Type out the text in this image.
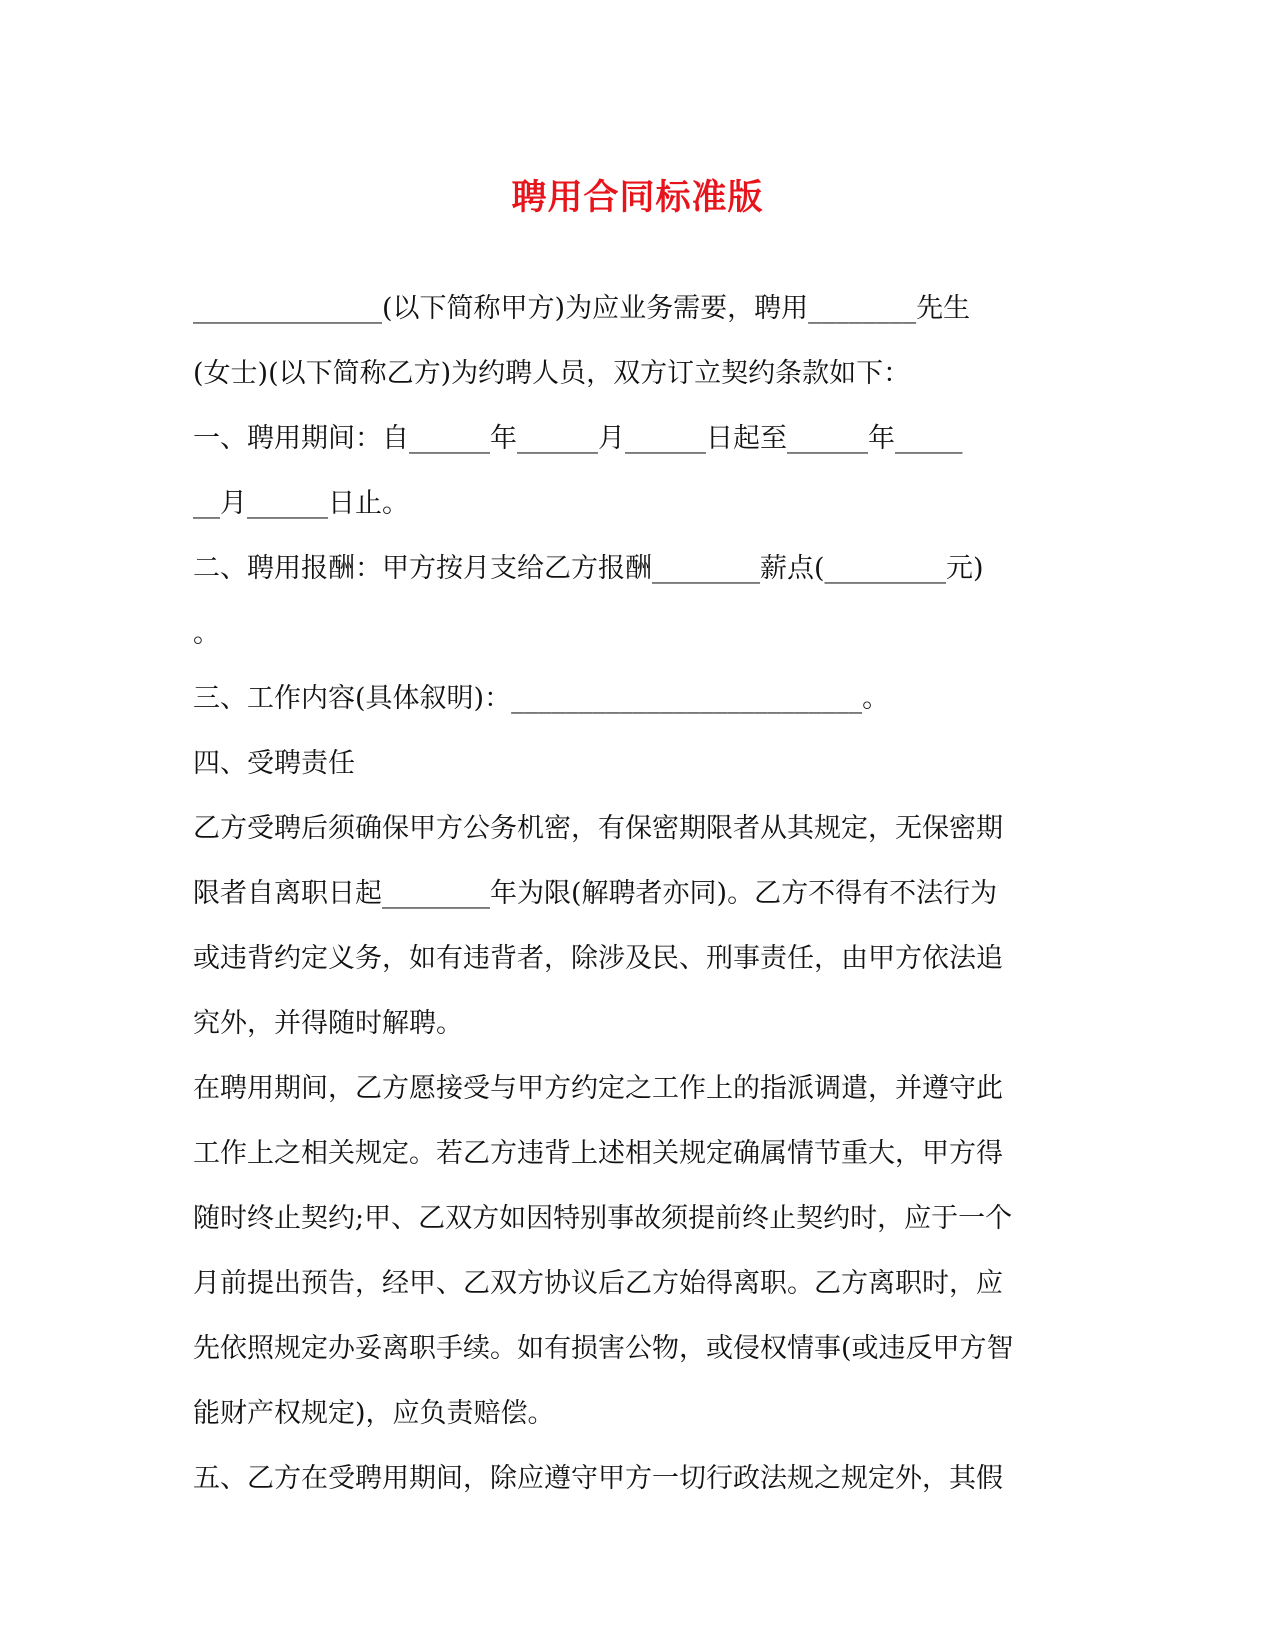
聘用合同标准版
______________(以下简称甲方)为应业务需要，聘用________先生
(女士)(以下简称乙方)为约聘人员，双方订立契约条款如下：
一、聘用期间：自______年______月______日起至______年_____
__月______日止。
二、聘用报酬：甲方按月支给乙方报酬________薪点(_________元)
。
三、工作内容(具体叙明)：__________________________。
四、受聘责任
乙方受聘后须确保甲方公务机密，有保密期限者从其规定，无保密期
限者自离职日起________年为限(解聘者亦同)。乙方不得有不法行为
或违背约定义务，如有违背者，除涉及民、刑事责任，由甲方依法追
究外，并得随时解聘。
在聘用期间，乙方愿接受与甲方约定之工作上的指派调遣，并遵守此
工作上之相关规定。若乙方违背上述相关规定确属情节重大，甲方得
随时终止契约;甲、乙双方如因特别事故须提前终止契约时，应于一个
月前提出预告，经甲、乙双方协议后乙方始得离职。乙方离职时，应
先依照规定办妥离职手续。如有损害公物，或侵权情事(或违反甲方智
能财产权规定)，应负责赔偿。
五、乙方在受聘用期间，除应遵守甲方一切行政法规之规定外，其假
